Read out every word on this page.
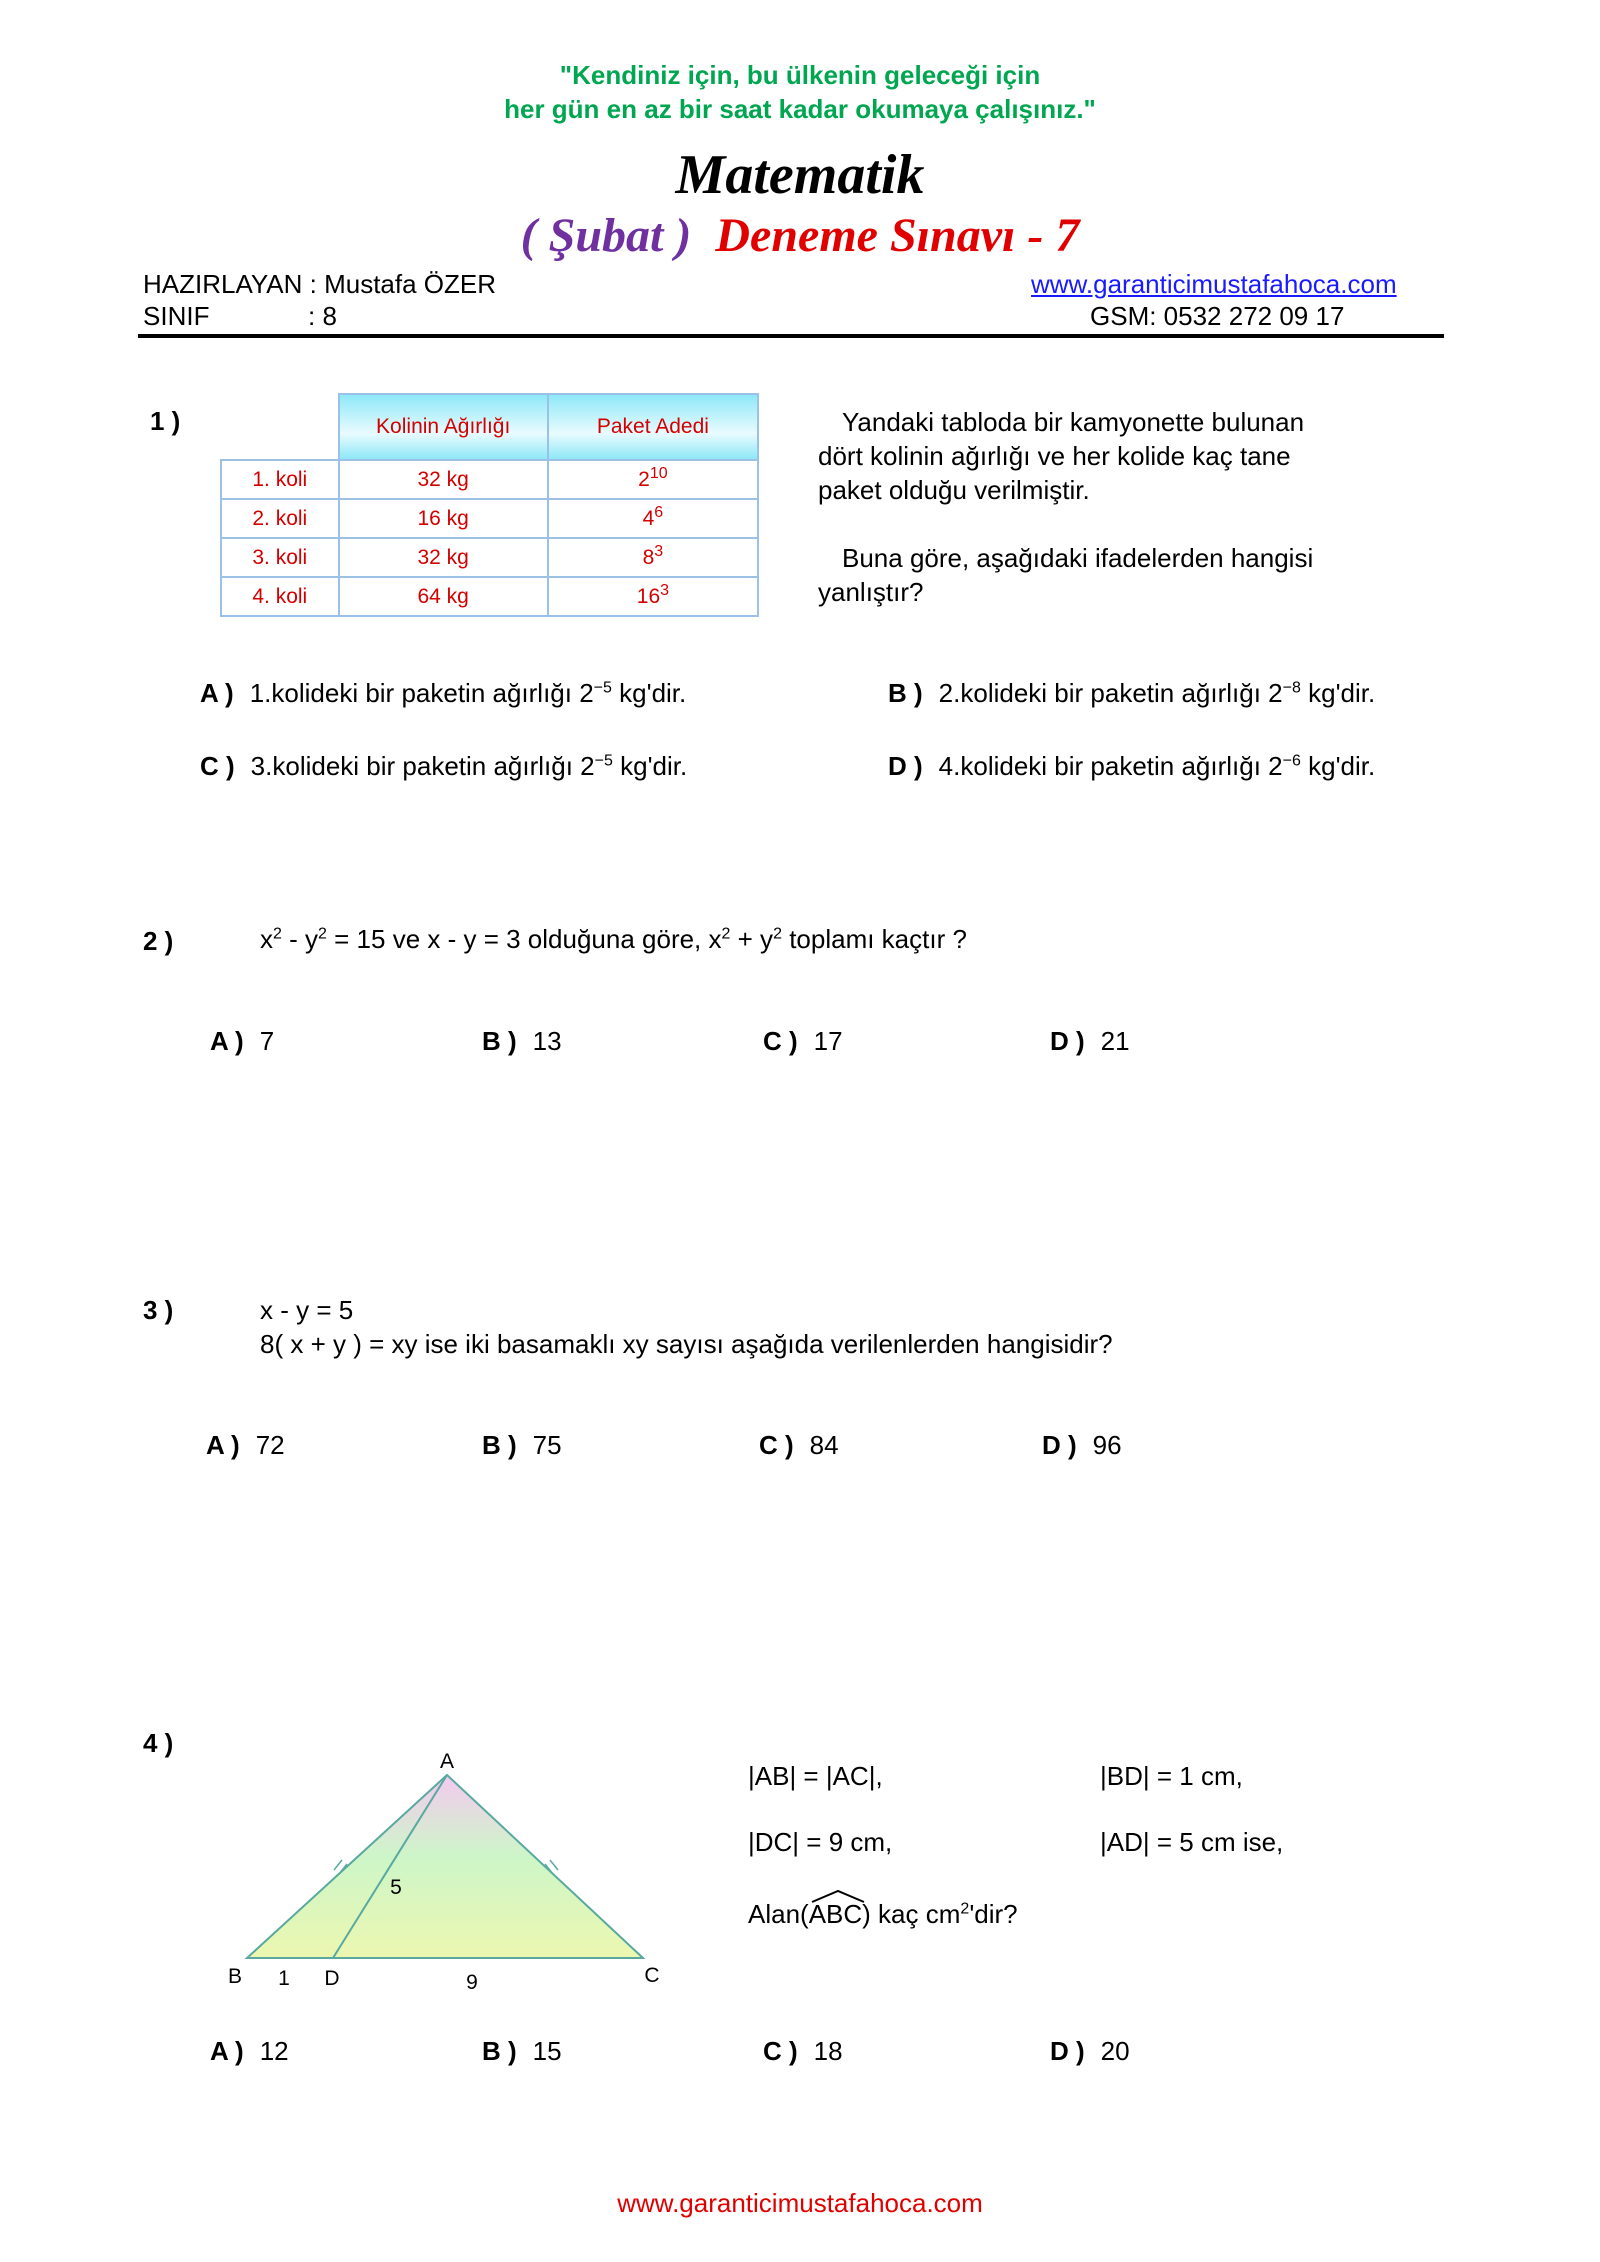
"Kendiniz için, bu ülkenin geleceği için
her gün en az bir saat kadar okumaya çalışınız."
Matematik
( Şubat ) Deneme Sınavı - 7
HAZIRLAYAN : Mustafa ÖZER
SINIF	: 8
www.garanticimustafahoca.com
GSM: 0532 272 09 17
1 )
		Kolinin Ağırlığı	Paket Adedi
1. koli	32 kg	$2^{10}$
2. koli	16 kg	$4^6$
3. koli	32 kg	$8^3$
4. koli	64 kg	$16^3$
Yandaki tabloda bir kamyonette bulunan
dört kolinin ağırlığı ve her kolide kaç tane
paket olduğu verilmiştir.
Buna göre, aşağıdaki ifadelerden hangisi
yanlıştır?
A ) 1.kolideki bir paketin ağırlığı $2^{-5}$ kg'dir.	B ) 2.kolideki bir paketin ağırlığı $2^{-8}$ kg'dir.
C ) 3.kolideki bir paketin ağırlığı $2^{-5}$ kg'dir.	D ) 4.kolideki bir paketin ağırlığı $2^{-6}$ kg'dir.
2 )	$x^2 - y^2 = 15$ ve x - y = 3 olduğuna göre, $x^2 + y^2$ toplamı kaçtır ?
A ) 7	B ) 13	C ) 17	D ) 21
3 )	x - y = 5
8( x + y ) = xy ise iki basamaklı xy sayısı aşağıda verilenlerden hangisidir?
A ) 72	B ) 75	C ) 84	D ) 96
4 )
A
B	C
D
1	9
5
|AB| = |AC|,	|BD| = 1 cm,
|DC| = 9 cm,	|AD| = 5 cm ise,
Alan(
ABC) kaç $cm^2'dir$?
A ) 12	B ) 15	C ) 18	D ) 20
www.garanticimustafahoca.com
